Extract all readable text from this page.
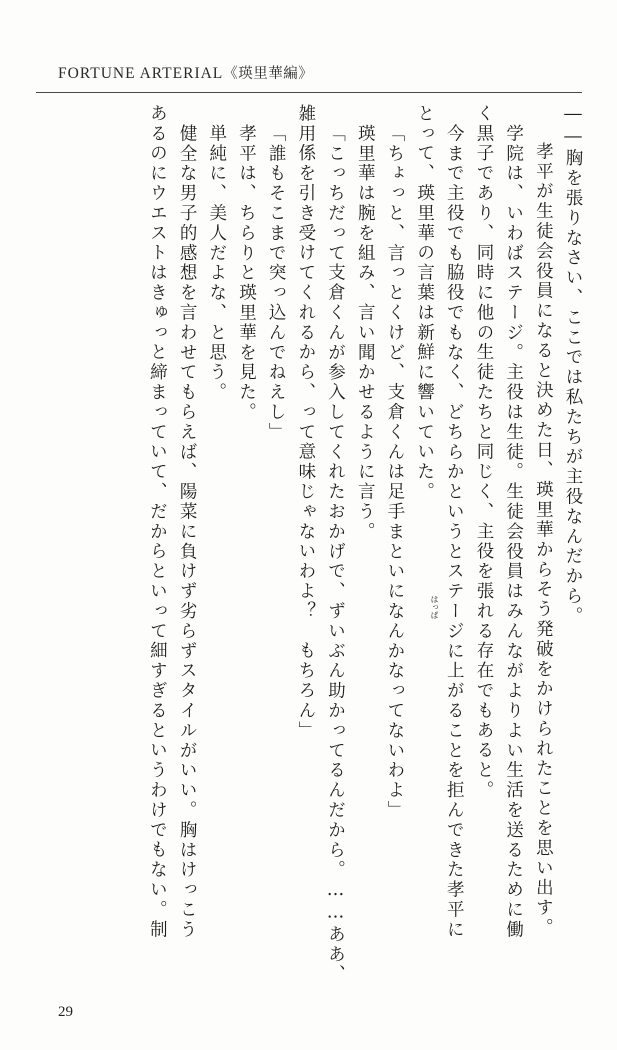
FORTUNE ARTERIAL《瑛里華編》
――胸を張りなさい、ここでは私たちが主役なんだから。
孝平が生徒会役員になると決めた日、瑛里華からそう発破をかけられたことを思い出す。
学院は、いわばステージ。主役は生徒。生徒会役員はみんながよりよい生活を送るために働
く黒子であり、同時に他の生徒たちと同じく、主役を張れる存在でもあると。
今まで主役でも脇役でもなく、どちらかというとステージに上がることを拒んできた孝平に
とって、瑛里華の言葉は新鮮に響いていた。
「ちょっと、言っとくけど、支倉くんは足手まといになんかなってないわよ」
瑛里華は腕を組み、言い聞かせるように言う。
「こっちだって支倉くんが参入してくれたおかげで、ずいぶん助かってるんだから。……ああ、
雑用係を引き受けてくれるから、って意味じゃないわよ？　もちろん」
「誰もそこまで突っ込んでねえし」
孝平は、ちらりと瑛里華を見た。
単純に、美人だよな、と思う。
健全な男子的感想を言わせてもらえば、陽菜に負けず劣らずスタイルがいい。胸はけっこう
あるのにウエストはきゅっと締まっていて、だからといって細すぎるというわけでもない。制
29
はっぱ
